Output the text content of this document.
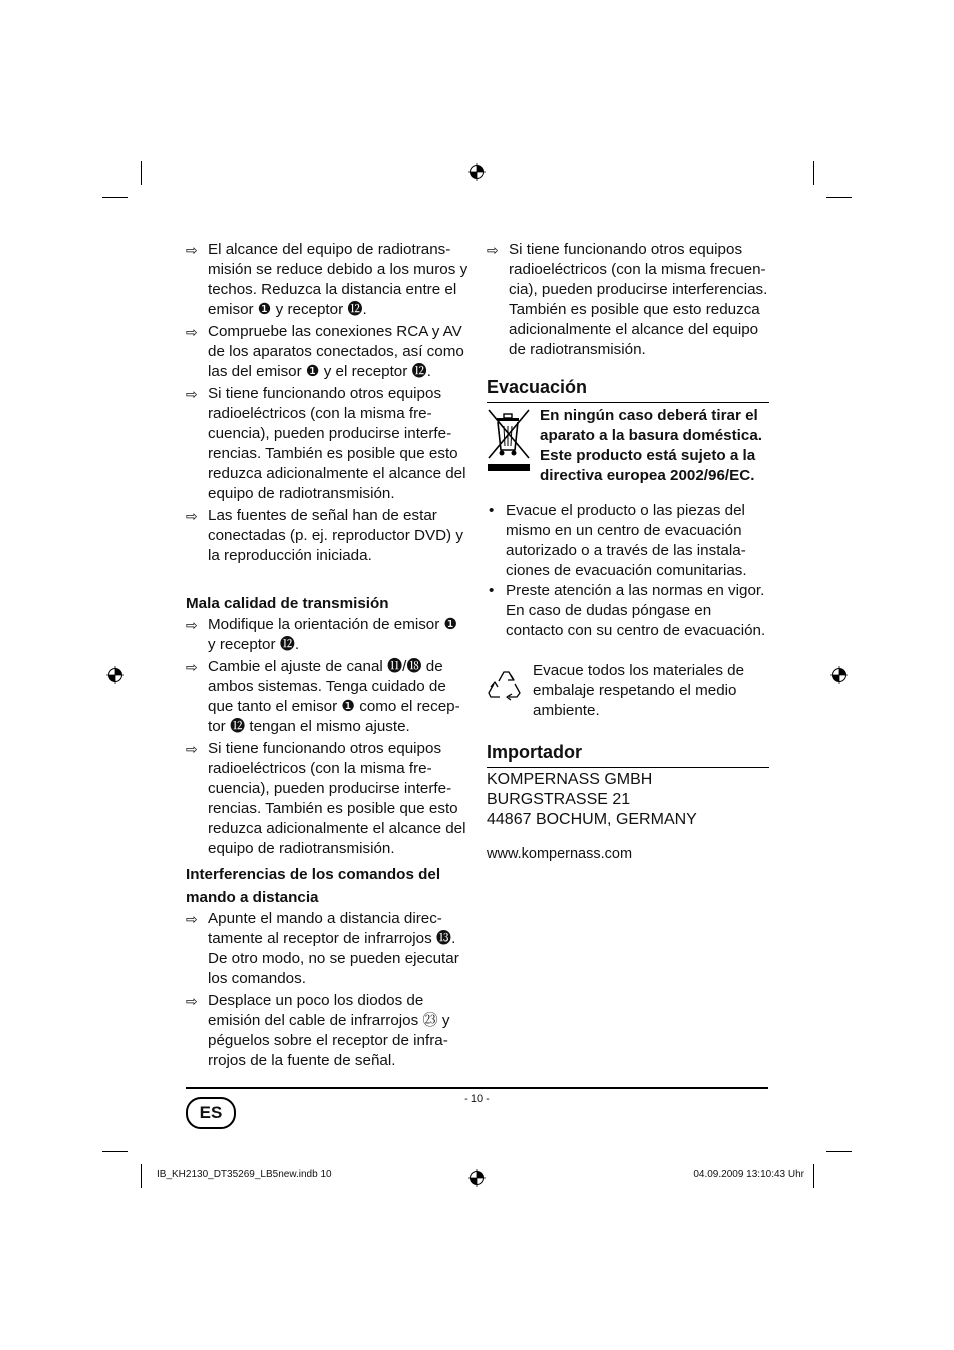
⇨ El alcance del equipo de radiotrans-misión se reduce debido a los muros y techos. Reduzca la distancia entre el emisor ❶ y receptor ⓬.
⇨ Compruebe las conexiones RCA y AV de los aparatos conectados, así como las del emisor ❶ y el receptor ⓬.
⇨ Si tiene funcionando otros equipos radioeléctricos (con la misma fre-cuencia), pueden producirse interfe-rencias. También es posible que esto reduzca adicionalmente el alcance del equipo de radiotransmisión.
⇨ Las fuentes de señal han de estar conectadas (p. ej. reproductor DVD) y la reproducción iniciada.
Mala calidad de transmisión
⇨ Modifique la orientación de emisor ❶ y receptor ⓬.
⇨ Cambie el ajuste de canal ⓫/⓲ de ambos sistemas. Tenga cuidado de que tanto el emisor ❶ como el recep-tor ⓬ tengan el mismo ajuste.
⇨ Si tiene funcionando otros equipos radioeléctricos (con la misma fre-cuencia), pueden producirse interfe-rencias. También es posible que esto reduzca adicionalmente el alcance del equipo de radiotransmisión.
Interferencias de los comandos del mando a distancia
⇨ Apunte el mando a distancia direc-tamente al receptor de infrarrojos ⓭. De otro modo, no se pueden ejecutar los comandos.
⇨ Desplace un poco los diodos de emisión del cable de infrarrojos ㉓ y péguelos sobre el receptor de infra-rrojos de la fuente de señal.
⇨ Si tiene funcionando otros equipos radioeléctricos (con la misma frecuen-cia), pueden producirse interferencias. También es posible que esto reduzca adicionalmente el alcance del equipo de radiotransmisión.
Evacuación

En ningún caso deberá tirar el aparato a la basura doméstica. Este producto está sujeto a la directiva europea 2002/96/EC.

• Evacue el producto o las piezas del mismo en un centro de evacuación autorizado o a través de las instala-ciones de evacuación comunitarias.
• Preste atención a las normas en vigor. En caso de dudas póngase en contacto con su centro de evacuación.

Evacue todos los materiales de embalaje respetando el medio ambiente.

Importador

KOMPERNASS GMBH

BURGSTRASSE 21

44867 BOCHUM, GERMANY

www.kompernass.com

- 10 -
ES
IB_KH2130_DT35269_LB5new.indb 10	04.09.2009 13:10:43 Uhr
